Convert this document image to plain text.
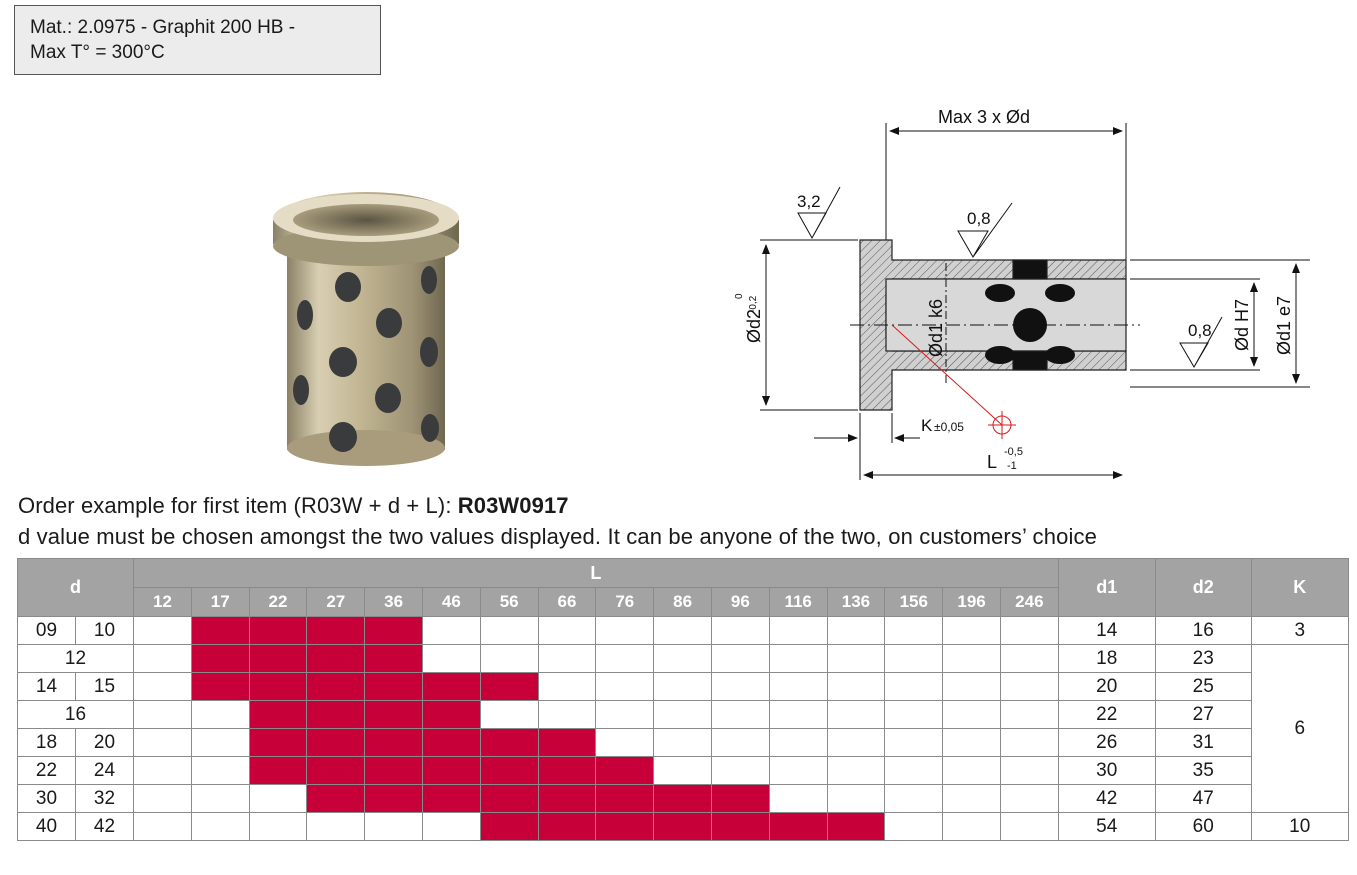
Mat.: 2.0975 - Graphit 200 HB -
Max T° = 300°C
Max 3 x Ød
3,2
0,8
0,8
Ød2
0 -0,2	Ød1 k6	Ød H7 Ød1 e7
K ±0,05
L -0,5
-1
Order example for first item (R03W + d + L): R03W0917
d value must be chosen amongst the two values displayed. It can be anyone of the two, on customers’ choice
d		L																d1	d2	K
		12	17	22	27	36	46	56	66	76	86	96	116	136	156	196	246			
09	10																	14	16	3
12																		18	23	6
14	15																	20	25	
16																		22	27	
18	20																	26	31	
22	24																	30	35	
30	32																	42	47	
40	42																	54	60	10
